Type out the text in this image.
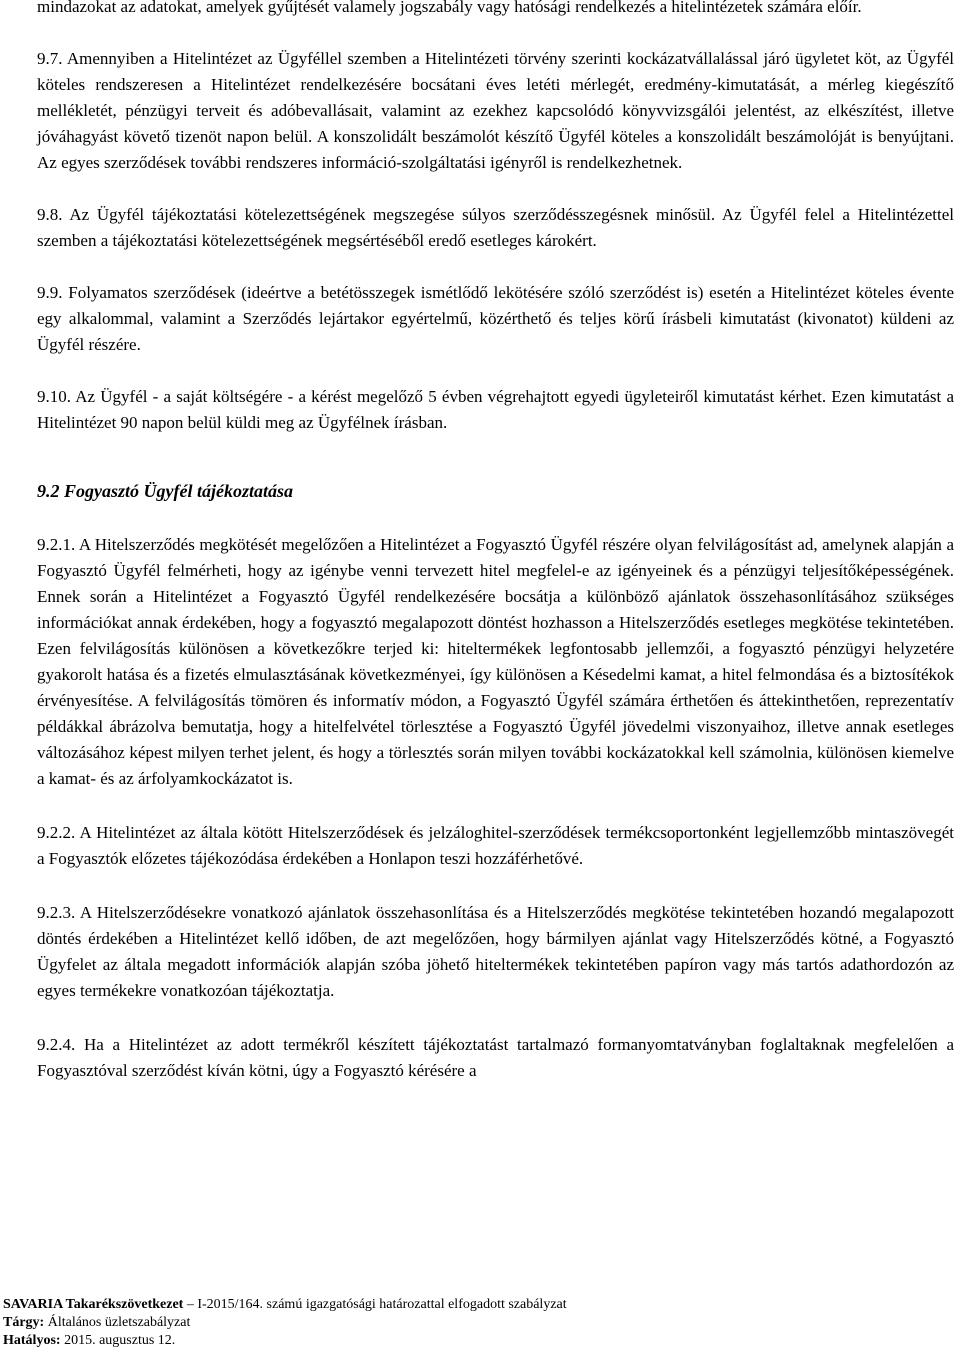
mindazokat az adatokat, amelyek gyűjtését valamely jogszabály vagy hatósági rendelkezés a hitelintézetek számára előír.

9.7. Amennyiben a Hitelintézet az Ügyféllel szemben a Hitelintézeti törvény szerinti kockázatvállalással járó ügyletet köt, az Ügyfél köteles rendszeresen a Hitelintézet rendelkezésére bocsátani éves letéti mérlegét, eredmény-kimutatását, a mérleg kiegészítő mellékletét, pénzügyi terveit és adóbevallásait, valamint az ezekhez kapcsolódó könyvvizsgálói jelentést, az elkészítést, illetve jóváhagyást követő tizenöt napon belül. A konszolidált beszámolót készítő Ügyfél köteles a konszolidált beszámolóját is benyújtani. Az egyes szerződések további rendszeres információ-szolgáltatási igényről is rendelkezhetnek.

9.8. Az Ügyfél tájékoztatási kötelezettségének megszegése súlyos szerződésszegésnek minősül. Az Ügyfél felel a Hitelintézettel szemben a tájékoztatási kötelezettségének megsértéséből eredő esetleges károkért.

9.9. Folyamatos szerződések (ideértve a betétösszegek ismétlődő lekötésére szóló szerződést is) esetén a Hitelintézet köteles évente egy alkalommal, valamint a Szerződés lejártakor egyértelmű, közérthető és teljes körű írásbeli kimutatást (kivonatot) küldeni az Ügyfél részére.

9.10. Az Ügyfél - a saját költségére - a kérést megelőző 5 évben végrehajtott egyedi ügyleteiről kimutatást kérhet. Ezen kimutatást a Hitelintézet 90 napon belül küldi meg az Ügyfélnek írásban.

9.2 Fogyasztó Ügyfél tájékoztatása

9.2.1. A Hitelszerződés megkötését megelőzően a Hitelintézet a Fogyasztó Ügyfél részére olyan felvilágosítást ad, amelynek alapján a Fogyasztó Ügyfél felmérheti, hogy az igénybe venni tervezett hitel megfelel-e az igényeinek és a pénzügyi teljesítőképességének. Ennek során a Hitelintézet a Fogyasztó Ügyfél rendelkezésére bocsátja a különböző ajánlatok összehasonlításához szükséges információkat annak érdekében, hogy a fogyasztó megalapozott döntést hozhasson a Hitelszerződés esetleges megkötése tekintetében. Ezen felvilágosítás különösen a következőkre terjed ki: hiteltermékek legfontosabb jellemzői, a fogyasztó pénzügyi helyzetére gyakorolt hatása és a fizetés elmulasztásának következményei, így különösen a Késedelmi kamat, a hitel felmondása és a biztosítékok érvényesítése. A felvilágosítás tömören és informatív módon, a Fogyasztó Ügyfél számára érthetően és áttekinthetően, reprezentatív példákkal ábrázolva bemutatja, hogy a hitelfelvétel törlesztése a Fogyasztó Ügyfél jövedelmi viszonyaihoz, illetve annak esetleges változásához képest milyen terhet jelent, és hogy a törlesztés során milyen további kockázatokkal kell számolnia, különösen kiemelve a kamat- és az árfolyamkockázatot is.

9.2.2. A Hitelintézet az általa kötött Hitelszerződések és jelzáloghitel-szerződések termékcsoportonként legjellemzőbb mintaszövegét a Fogyasztók előzetes tájékozódása érdekében a Honlapon teszi hozzáférhetővé.

9.2.3. A Hitelszerződésekre vonatkozó ajánlatok összehasonlítása és a Hitelszerződés megkötése tekintetében hozandó megalapozott döntés érdekében a Hitelintézet kellő időben, de azt megelőzően, hogy bármilyen ajánlat vagy Hitelszerződés kötné, a Fogyasztó Ügyfelet az általa megadott információk alapján szóba jöhető hiteltermékek tekintetében papíron vagy más tartós adathordozón az egyes termékekre vonatkozóan tájékoztatja.

9.2.4. Ha a Hitelintézet az adott termékről készített tájékoztatást tartalmazó formanyomtatványban foglaltaknak megfelelően a Fogyasztóval szerződést kíván kötni, úgy a Fogyasztó kérésére a

SAVARIA Takarékszövetkezet – I-2015/164. számú igazgatósági határozattal elfogadott szabályzat
Tárgy: Általános üzletszabályzat
Hatályos: 2015. augusztus 12.
